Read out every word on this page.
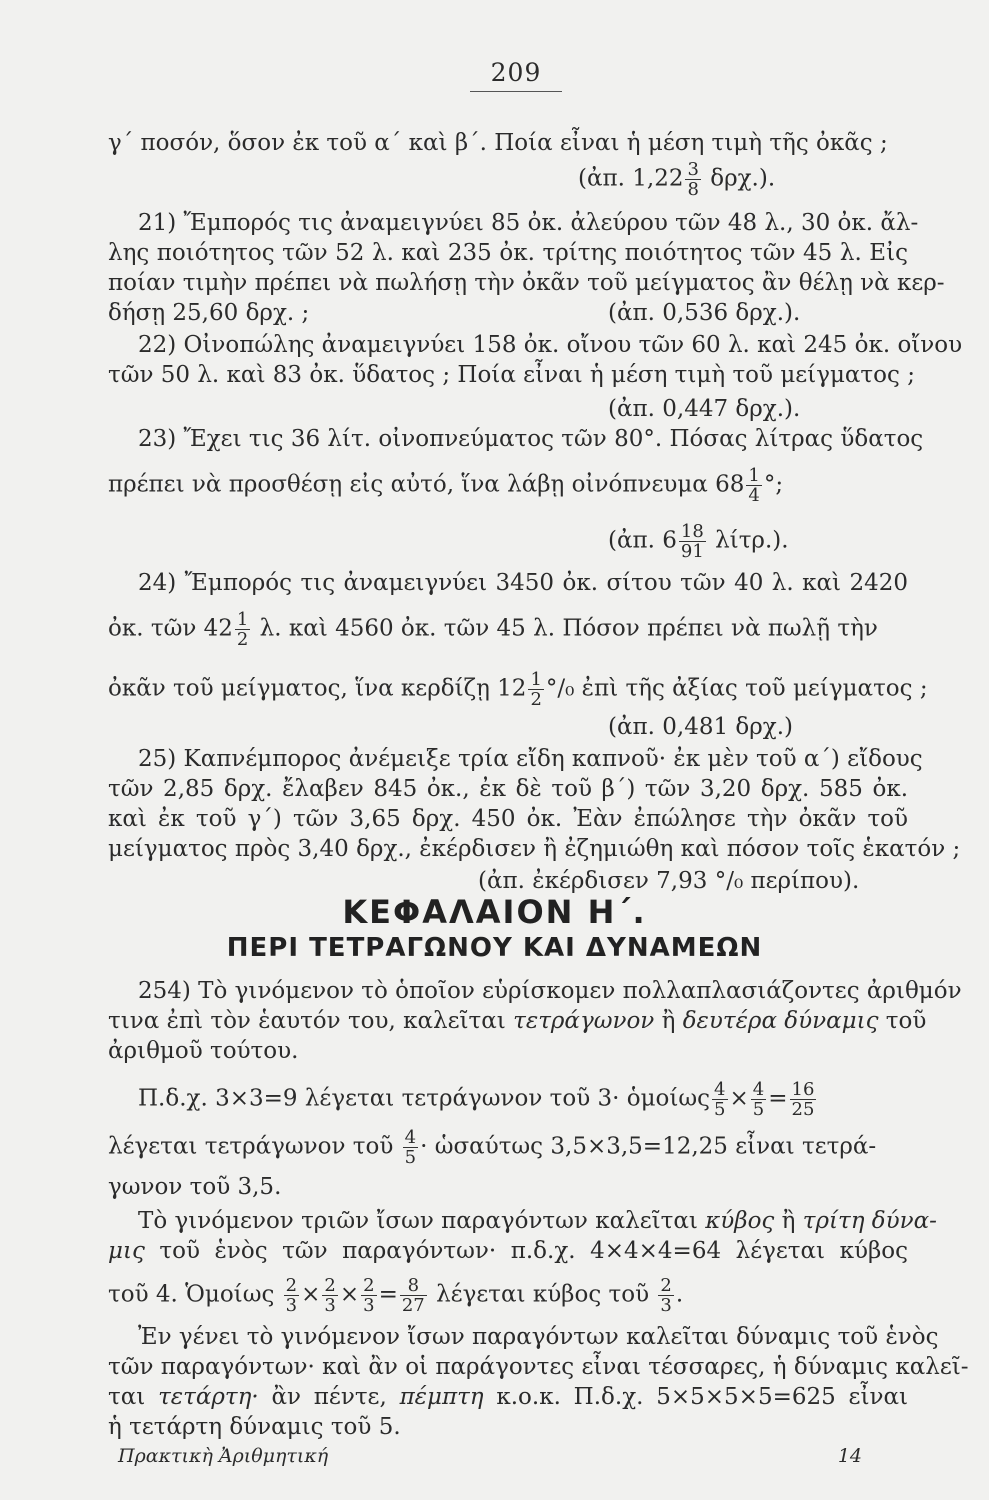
209
γ΄ ποσόν, ὅσον ἐκ τοῦ α΄ καὶ β΄. Ποία εἶναι ἡ μέση τιμὴ τῆς ὀκᾶς ;
(ἀπ. $1,22 \frac{3}{8} \delta\rho\chi$.).
21) Ἔμπορός τις ἀναμειγνύει 85 ὀκ. ἀλεύρου τῶν 48 λ., 30 ὀκ. ἄλ-
λης ποιότητος τῶν 52 λ. καὶ 235 ὀκ. τρίτης ποιότητος τῶν 45 λ. Εἰς
ποίαν τιμὴν πρέπει νὰ πωλήσῃ τὴν ὀκᾶν τοῦ μείγματος ἂν θέλῃ νὰ κερ-
δήσῃ 25,60 δρχ. ;	(ἀπ. 0,536 δρχ.).
22) Οἰνοπώλης ἀναμειγνύει 158 ὀκ. οἴνου τῶν 60 λ. καὶ 245 ὀκ. οἴνου
τῶν 50 λ. καὶ 83 ὀκ. ὕδατος ; Ποία εἶναι ἡ μέση τιμὴ τοῦ μείγματος ;
(ἀπ. 0,447 δρχ.).
23) Ἔχει τις 36 λίτ. οἰνοπνεύματος τῶν 80°. Πόσας λίτρας ὕδατος
πρέπει νὰ προσθέσῃ εἰς αὐτό, ἵνα λάβῃ οἰνόπνευμα $68 \frac{1}{4}$ °;
(ἀπ. $6 \frac{18}{91} \lambda ί\tau\rho$.).
24) Ἔμπορός τις ἀναμειγνύει 3450 ὀκ. σίτου τῶν 40 λ. καὶ 2420
ὀκ. τῶν $42 \frac{1}{2} \lambda$. καὶ 4560 ὀκ. τῶν 45 λ. Πόσον πρέπει νὰ πωλῇ τὴν
ὀκᾶν τοῦ μείγματος, ἵνα κερδίζῃ $12 \frac{1}{2} ^\circ/_0$ ἐπὶ τῆς ἀξίας τοῦ μείγματος ;
(ἀπ. 0,481 δρχ.)
25) Καπνέμπορος ἀνέμειξε τρία εἴδη καπνοῦ· ἐκ μὲν τοῦ α΄) εἴδους
τῶν 2,85 δρχ. ἔλαβεν 845 ὀκ., ἐκ δὲ τοῦ β΄) τῶν 3,20 δρχ. 585 ὀκ.
καὶ ἐκ τοῦ γ΄) τῶν 3,65 δρχ. 450 ὀκ. Ἐὰν ἐπώλησε τὴν ὀκᾶν τοῦ
μείγματος πρὸς 3,40 δρχ., ἐκέρδισεν ἢ ἐζημιώθη καὶ πόσον τοῖς ἑκατόν ;
(ἀπ. ἐκέρδισεν 7,93 °/₀ περίπου).
ΚΕΦΑΛΑΙΟΝ Η΄.
ΠΕΡΙ ΤΕΤΡΑΓΩΝΟΥ ΚΑΙ ΔΥΝΑΜΕΩΝ
254) Τὸ γινόμενον τὸ ὁποῖον εὑρίσκομεν πολλαπλασιάζοντες ἀριθμόν
τινα ἐπὶ τὸν ἑαυτόν του, καλεῖται τετράγωνον ἢ δευτέρα δύναμις τοῦ
ἀριθμοῦ τούτου.
Π.δ.χ. 3×3=9 λέγεται τετράγωνον τοῦ 3· ὁμοίως $\frac{4}{5} \times \frac{4}{5} = \frac{16}{25}$
λέγεται τετράγωνον τοῦ $\frac{4}{5}$ · ὡσαύτως 3,5×3,5=12,25 εἶναι τετρά-
γωνον τοῦ 3,5.
Τὸ γινόμενον τριῶν ἴσων παραγόντων καλεῖται κύβος ἢ τρίτη δύνα-
μις τοῦ ἑνὸς τῶν παραγόντων· π.δ.χ. 4×4×4=64 λέγεται κύβος
τοῦ 4. Ὁμοίως $\frac{2}{3} \times \frac{2}{3} \times \frac{2}{3} = \frac{8}{27}$ λέγεται κύβος τοῦ $\frac{2}{3}$ .
Ἐν γένει τὸ γινόμενον ἴσων παραγόντων καλεῖται δύναμις τοῦ ἑνὸς
τῶν παραγόντων· καὶ ἂν οἱ παράγοντες εἶναι τέσσαρες, ἡ δύναμις καλεῖ-
ται τετάρτη· ἂν πέντε, πέμπτη κ.ο.κ. Π.δ.χ. 5×5×5×5=625 εἶναι
ἡ τετάρτη δύναμις τοῦ 5.
Πρακτικὴ Ἀριθμητική	14
